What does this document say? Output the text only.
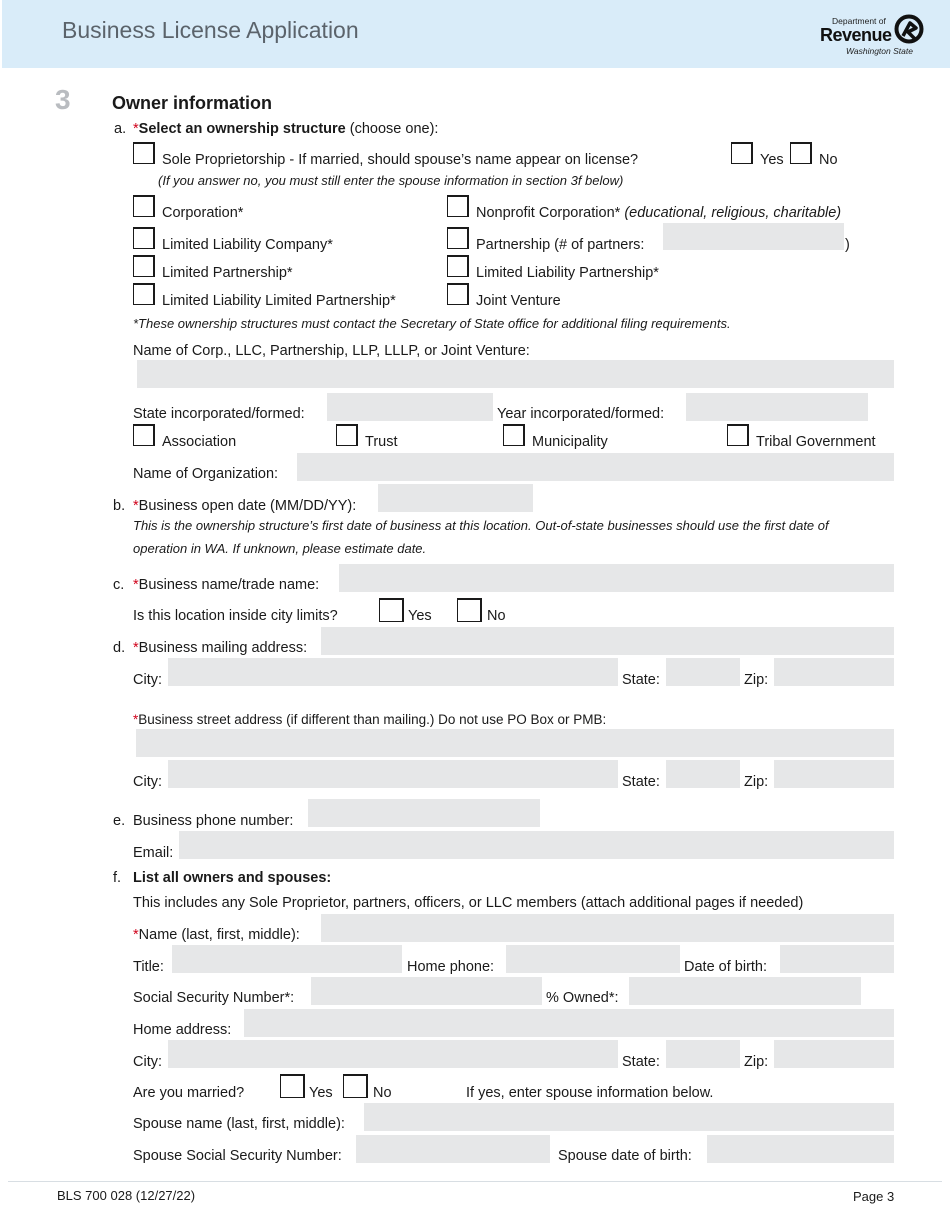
Business License Application	Department of
Revenue
Washington State
3 Owner information
a. *Select an ownership structure (choose one):
Sole Proprietorship - If married, should spouse’s name appear on license?	Yes No
(If you answer no, you must still enter the spouse information in section 3f below)
Corporation*	Nonprofit Corporation* (educational, religious, charitable)
Limited Liability Company*	Partnership (# of partners:	)
Limited Partnership*	Limited Liability Partnership*
Limited Liability Limited Partnership*	Joint Venture
*These ownership structures must contact the Secretary of State office for additional filing requirements.
Name of Corp., LLC, Partnership, LLP, LLLP, or Joint Venture:
State incorporated/formed:	Year incorporated/formed:
Association	Trust	Municipality	Tribal Government
Name of Organization:
b. *Business open date (MM/DD/YY):
This is the ownership structure’s first date of business at this location. Out-of-state businesses should use the first date of
operation in WA. If unknown, please estimate date.
c. *Business name/trade name:
Is this location inside city limits?	Yes	No
d. *Business mailing address:
City:	State:	Zip:
*Business street address (if different than mailing.) Do not use PO Box or PMB:
City:	State:	Zip:
e. Business phone number:
Email:
f. List all owners and spouses:
This includes any Sole Proprietor, partners, officers, or LLC members (attach additional pages if needed)
*Name (last, first, middle):
Title:	Home phone:	Date of birth:
Social Security Number*:	% Owned*:
Home address:
City:	State:	Zip:
Are you married?	Yes	No	If yes, enter spouse information below.
Spouse name (last, first, middle):
Spouse Social Security Number:	Spouse date of birth:
BLS 700 028 (12/27/22)	Page 3
